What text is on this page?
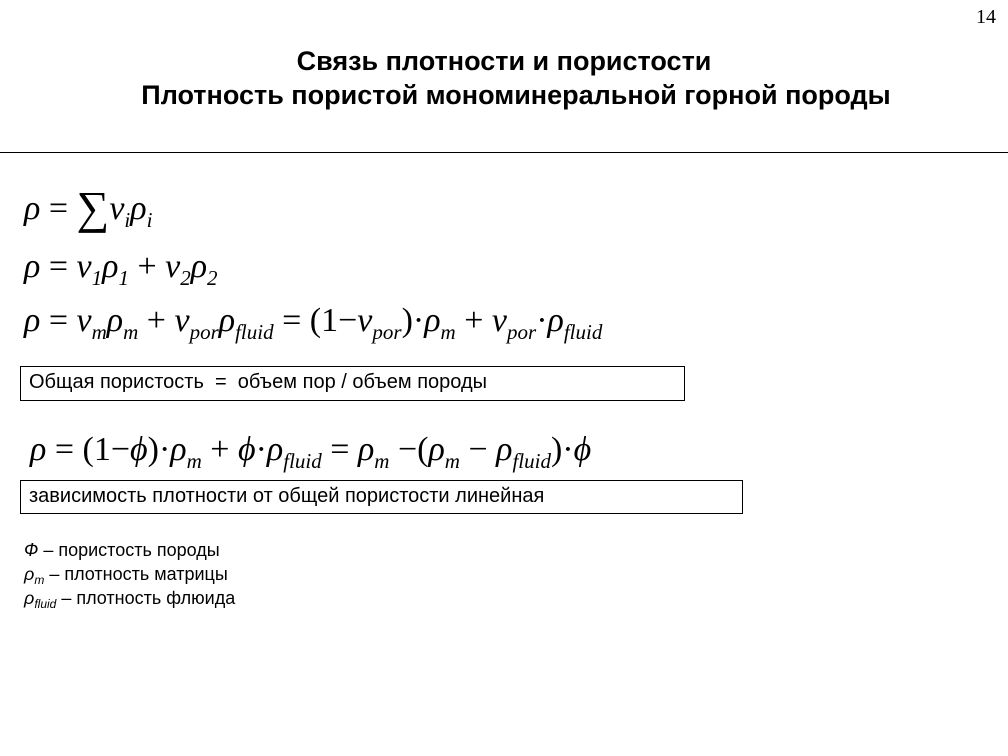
14
Связь плотности и пористости
Плотность пористой мономинеральной горной породы
$\rho = \sum v_i\rho_i$
$\rho = v_1\rho_1 + v_2\rho_2$
$\rho = v_m\rho_m + v_{por}\rho_{fluid} = (1-v_{por})\cdot\rho_m + v_{por}\cdot\rho_{fluid}$
Общая пористость  =  объем пор / объем породы
$\rho = (1-\phi)\cdot\rho_m + \phi\cdot\rho_{fluid} = \rho_m -(\rho_m - \rho_{fluid})\cdot\phi$
зависимость плотности от общей пористости линейная
Ф – пористость породы
$\rho_m$ – плотность матрицы
$\rho_{fluid}$ – плотность флюида
